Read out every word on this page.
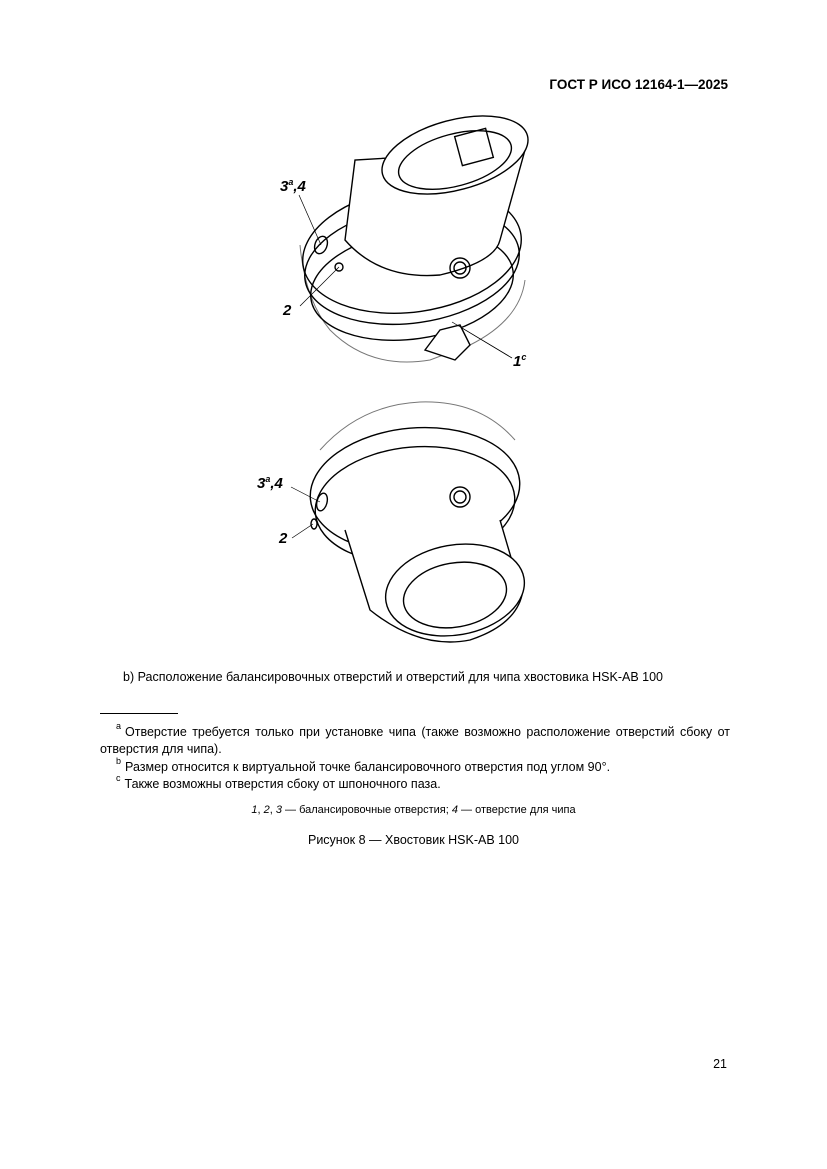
ГОСТ Р ИСО 12164-1—2025
3$^a$,4
2
1$^c$
3$^a$,4
2
b) Расположение балансировочных отверстий и отверстий для чипа хвостовика HSK-AB 100
$^a$ Отверстие требуется только при установке чипа (также возможно расположение отверстий сбоку от отверстия для чипа).
$^b$ Размер относится к виртуальной точке балансировочного отверстия под углом 90°.
$^c$ Также возможны отверстия сбоку от шпоночного паза.
1, 2, 3 — балансировочные отверстия; 4 — отверстие для чипа
Рисунок 8 — Хвостовик HSK-AB 100
21
